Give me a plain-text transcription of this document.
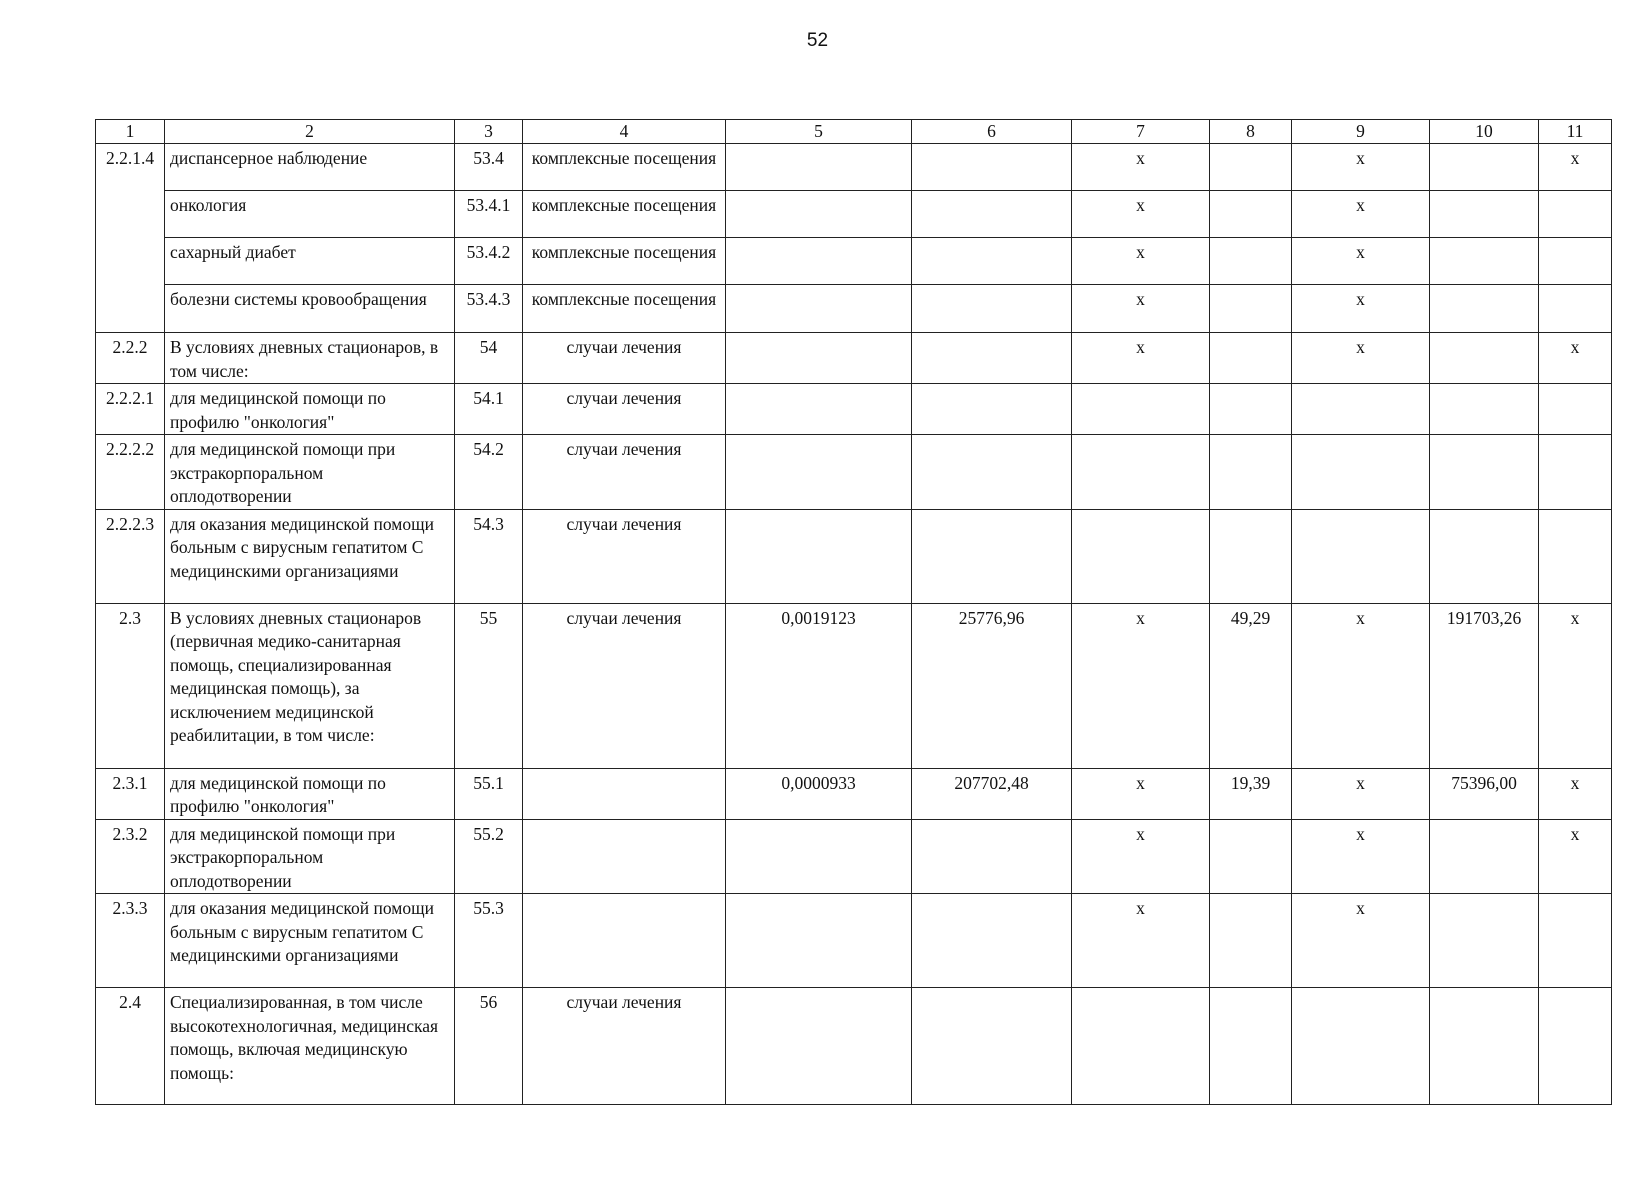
52
1	2	3	4	5	6	7	8	9	10	11
2.2.1.4	диспансерное наблюдение	53.4	комплексные посещения			х		х		х
	онкология	53.4.1	комплексные посещения			х		х		
	сахарный диабет	53.4.2	комплексные посещения			х		х		
	болезни системы кровообращения	53.4.3	комплексные посещения			х		х		
2.2.2	В условиях дневных стационаров, в том числе:	54	случаи лечения			х		х		х
2.2.2.1	для медицинской помощи по профилю "онкология"	54.1	случаи лечения							
2.2.2.2	для медицинской помощи при экстракорпоральном оплодотворении	54.2	случаи лечения							
2.2.2.3	для оказания медицинской помощи больным с вирусным гепатитом С медицинскими организациями	54.3	случаи лечения							
2.3	В условиях дневных стационаров (первичная медико-санитарная помощь, специализированная медицинская помощь), за исключением медицинской реабилитации, в том числе:	55	случаи лечения	0,0019123	25776,96	х	49,29	х	191703,26	х
2.3.1	для медицинской помощи по профилю "онкология"	55.1		0,0000933	207702,48	х	19,39	х	75396,00	х
2.3.2	для медицинской помощи при экстракорпоральном оплодотворении	55.2				х		х		х
2.3.3	для оказания медицинской помощи больным с вирусным гепатитом С медицинскими организациями	55.3				х		х		
2.4	Специализированная, в том числе высокотехнологичная, медицинская помощь, включая медицинскую помощь:	56	случаи лечения							
